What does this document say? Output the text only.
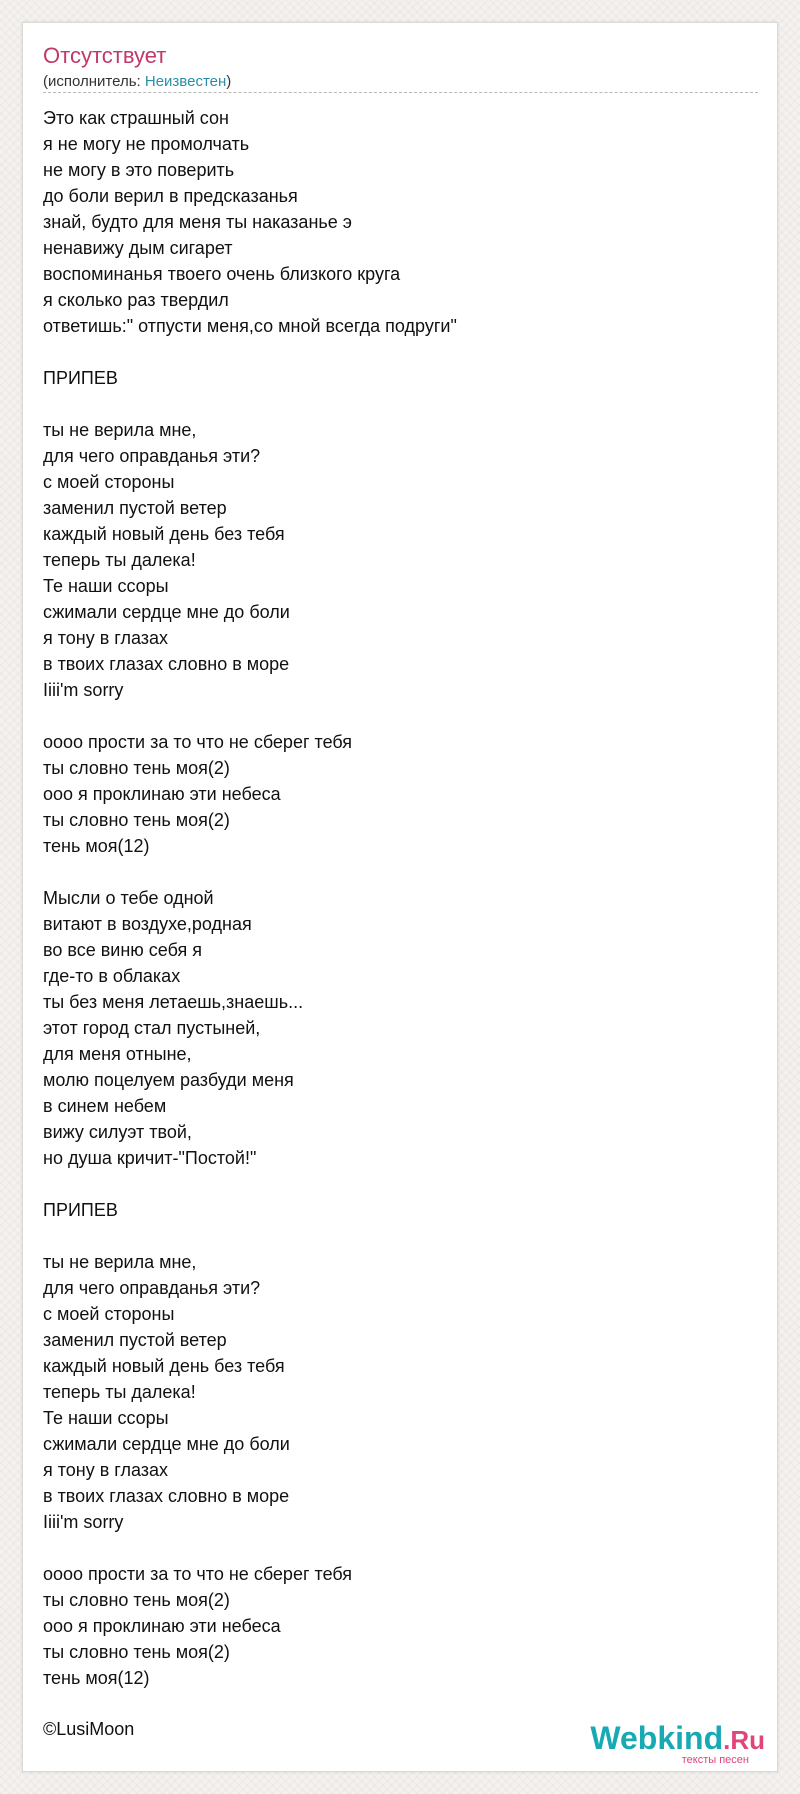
Отсутствует
(исполнитель: Неизвестен)
Это как страшный сон
я не могу не промолчать
не могу в это поверить
до боли верил в предсказанья
знай, будто для меня ты наказанье э
ненавижу дым сигарет
воспоминанья твоего очень близкого круга
я сколько раз твердил
ответишь:" отпусти меня,со мной всегда подруги"
ПРИПЕВ
ты не верила мне,
для чего оправданья эти?
с моей стороны
заменил пустой ветер
каждый новый день без тебя
теперь ты далека!
Те наши ссоры
сжимали сердце мне до боли
я тону в глазах
в твоих глазах словно в море
Iiii'm sorry
оооо прости за то что не сберег тебя
ты словно тень моя(2)
ооо я проклинаю эти небеса
ты словно тень моя(2)
тень моя(12)
Мысли о тебе одной
витают в воздухе,родная
во все виню себя я
где-то в облаках
ты без меня летаешь,знаешь...
этот город стал пустыней,
для меня отныне,
молю поцелуем разбуди меня
в синем небем
вижу силуэт твой,
но душа кричит-"Постой!"
ПРИПЕВ
ты не верила мне,
для чего оправданья эти?
с моей стороны
заменил пустой ветер
каждый новый день без тебя
теперь ты далека!
Те наши ссоры
сжимали сердце мне до боли
я тону в глазах
в твоих глазах словно в море
Iiii'm sorry
оооо прости за то что не сберег тебя
ты словно тень моя(2)
ооо я проклинаю эти небеса
ты словно тень моя(2)
тень моя(12)
©LusiMoon	Webkind.Ru
тексты песен
